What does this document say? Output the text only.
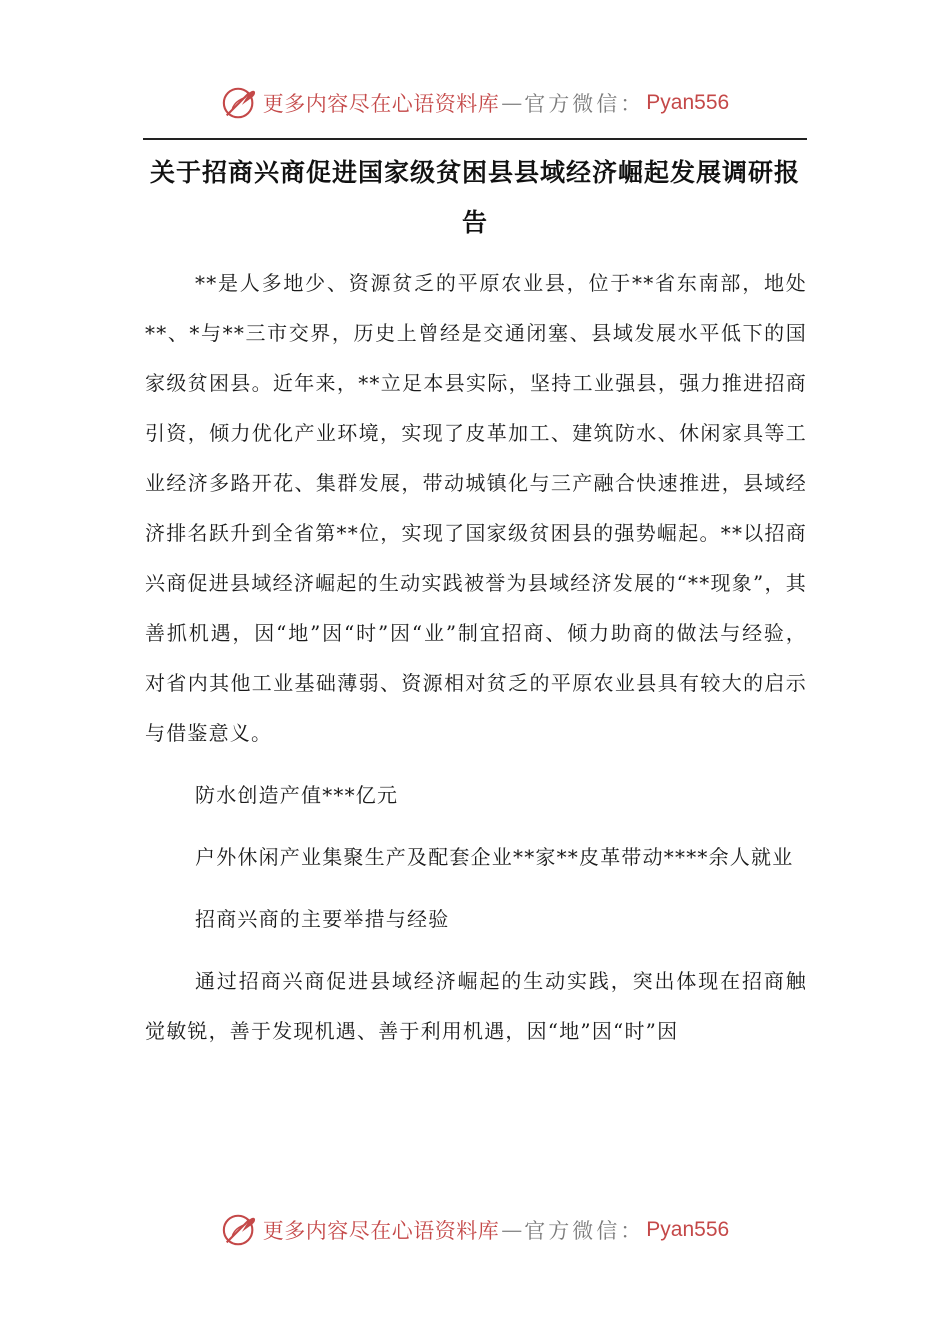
更多内容尽在心语资料库 — 官方微信： Pyan556
关于招商兴商促进国家级贫困县县域经济崛起发展调研报告

**是人多地少、资源贫乏的平原农业县，位于**省东南部，地处**、*与**三市交界，历史上曾经是交通闭塞、县域发展水平低下的国家级贫困县。近年来，**立足本县实际，坚持工业强县，强力推进招商引资，倾力优化产业环境，实现了皮革加工、建筑防水、休闲家具等工业经济多路开花、集群发展，带动城镇化与三产融合快速推进，县域经济排名跃升到全省第**位，实现了国家级贫困县的强势崛起。**以招商兴商促进县域经济崛起的生动实践被誉为县域经济发展的“**现象”，其善抓机遇，因“地”因“时”因“业”制宜招商、倾力助商的做法与经验，对省内其他工业基础薄弱、资源相对贫乏的平原农业县具有较大的启示与借鉴意义。

防水创造产值***亿元

户外休闲产业集聚生产及配套企业**家**皮革带动****余人就业

招商兴商的主要举措与经验

通过招商兴商促进县域经济崛起的生动实践，突出体现在招商触觉敏锐，善于发现机遇、善于利用机遇，因“地”因“时”因

更多内容尽在心语资料库 — 官方微信： Pyan556
